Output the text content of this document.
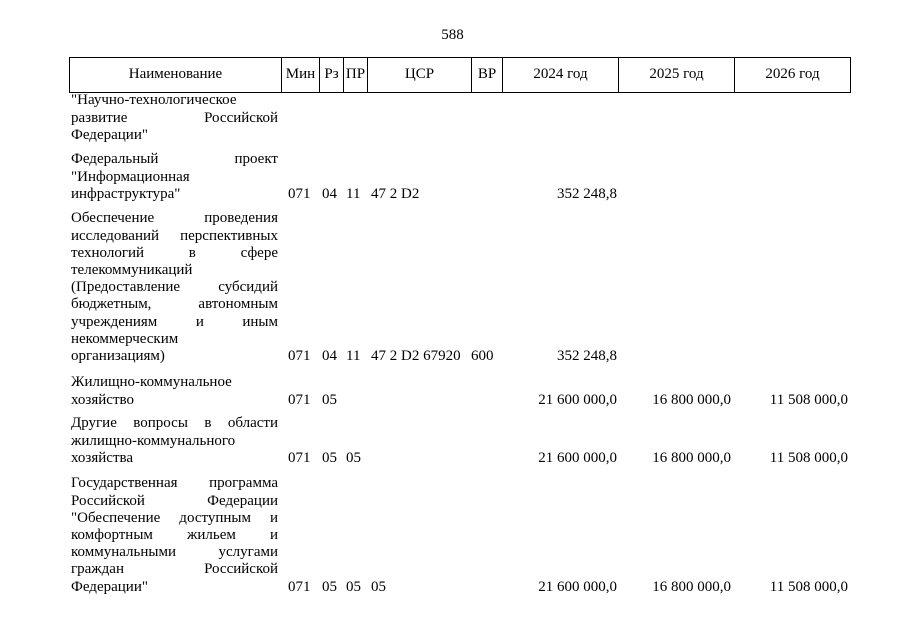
588
Наименование	Мин Рз ПР	ЦСР	ВР	2024 год	2025 год	2026 год
"Научно-технологическое
развитие Российской
Федерации"
Федеральный проект
"Информационная
инфраструктура"	071 04 11 47 2 D2	352 248,8
Обеспечение проведения
исследований перспективных
технологий в сфере
телекоммуникаций
(Предоставление субсидий
бюджетным, автономным
учреждениям и иным
некоммерческим
организациям)	071 04 11 47 2 D2 67920 600	352 248,8
Жилищно-коммунальное
хозяйство	071 05	21 600 000,0	16 800 000,0	11 508 000,0
Другие вопросы в области
жилищно-коммунального
хозяйства	071 05 05	21 600 000,0	16 800 000,0	11 508 000,0
Государственная программа
Российской Федерации
"Обеспечение доступным и
комфортным жильем и
коммунальными услугами
граждан Российской
Федерации"	071 05 05 05	21 600 000,0	16 800 000,0	11 508 000,0
